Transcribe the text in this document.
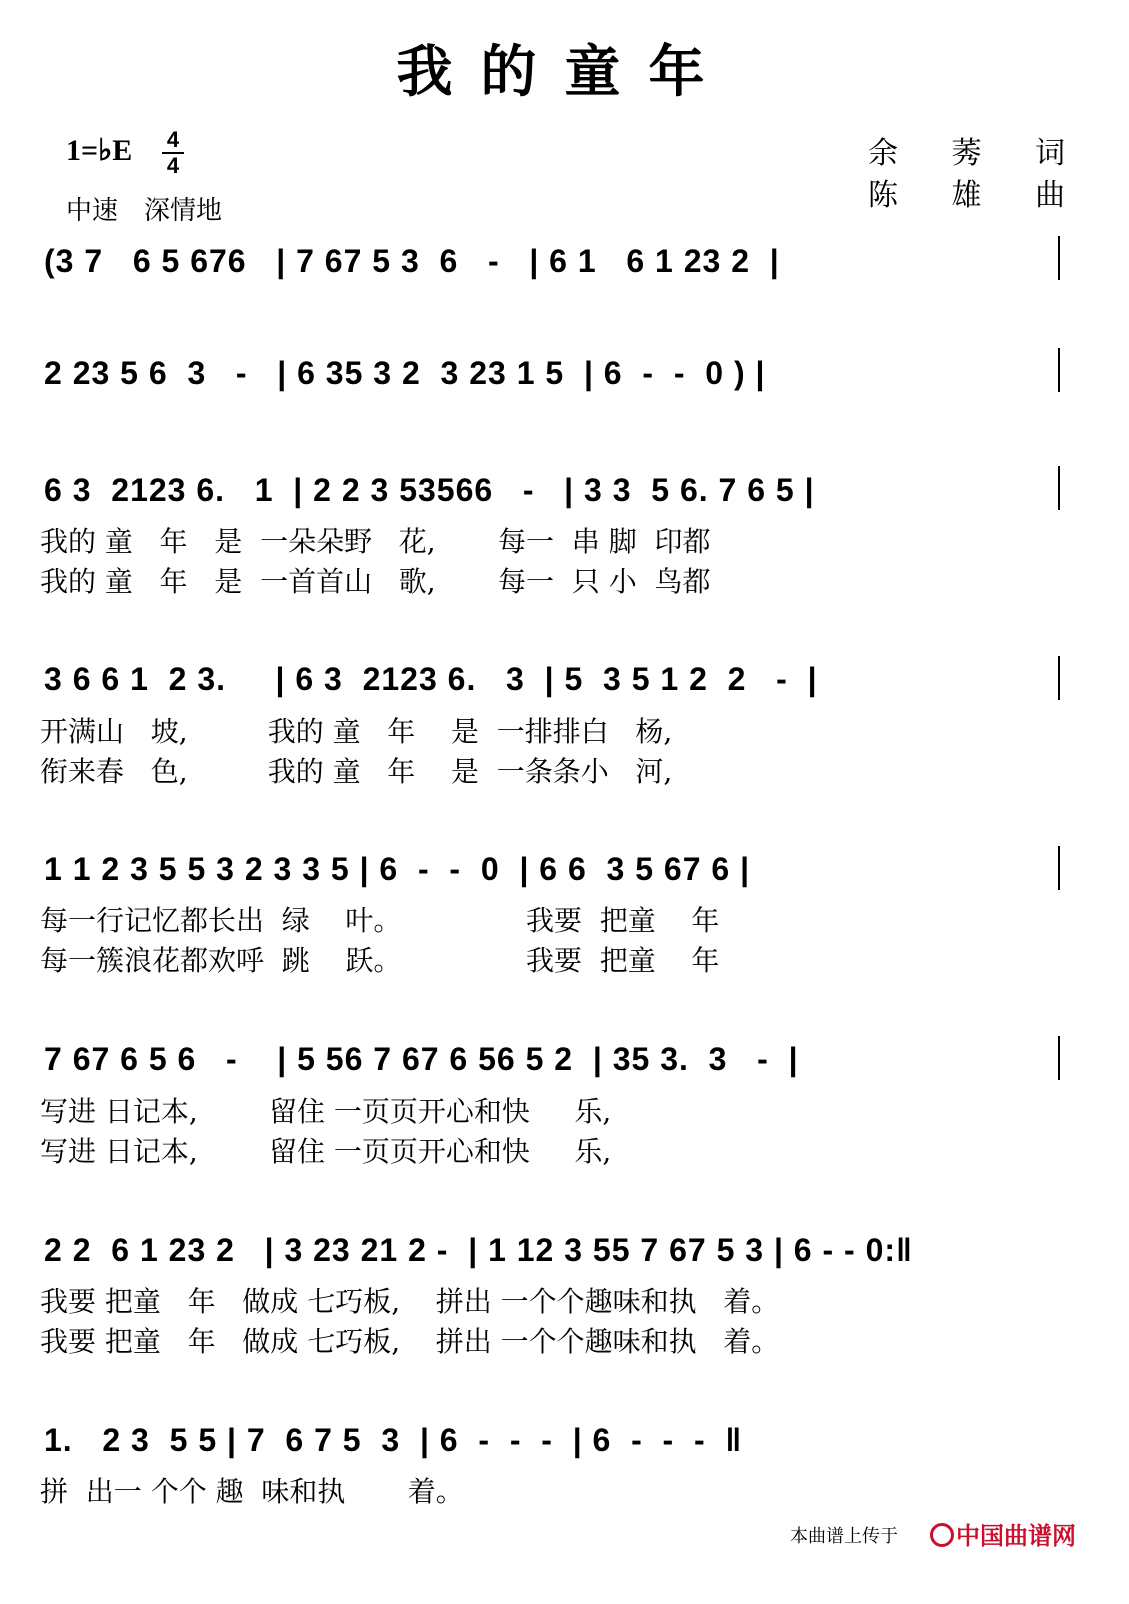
我的童年
1=♭E 4
4
中速　深情地
余 莠 词
陈 雄 曲
(3 7   6 5 676   | 7 67 5 3  6   -   | 6 1   6 1 23 2  |
2 23 5 6  3   -   | 6 35 3 2  3 23 1 5  | 6  -  -  0 ) |
6 3  2123 6.   1  | 2 2 3 53566   -   | 3 3  5 6. 7 6 5 |
我的 童   年   是  一朵朵野   花,       每一  串 脚  印都
我的 童   年   是  一首首山   歌,       每一  只 小  鸟都
3 6 6 1  2 3.     | 6 3  2123 6.   3  | 5  3 5 1 2  2   -  |
开满山   坡,         我的 童   年    是  一排排白   杨,
衔来春   色,         我的 童   年    是  一条条小   河,
1 1 2 3 5 5 3 2 3 3 5 | 6  -  -  0  | 6 6  3 5 67 6 |
每一行记忆都长出  绿    叶。              我要  把童    年
每一簇浪花都欢呼  跳    跃。              我要  把童    年
7 67 6 5 6   -    | 5 56 7 67 6 56 5 2  | 35 3.  3   -  |
写进 日记本,        留住 一页页开心和快     乐,
写进 日记本,        留住 一页页开心和快     乐,
2 2  6 1 23 2   | 3 23 21 2 -  | 1 12 3 55 7 67 5 3 | 6 - - 0:‖
我要 把童   年   做成 七巧板,    拼出 一个个趣味和执   着。
我要 把童   年   做成 七巧板,    拼出 一个个趣味和执   着。
1.   2 3  5 5 | 7  6 7 5  3  | 6  -  -  -  | 6  -  -  -  ‖
拼  出一 个个 趣  味和执       着。
本曲谱上传于	中国曲谱网
